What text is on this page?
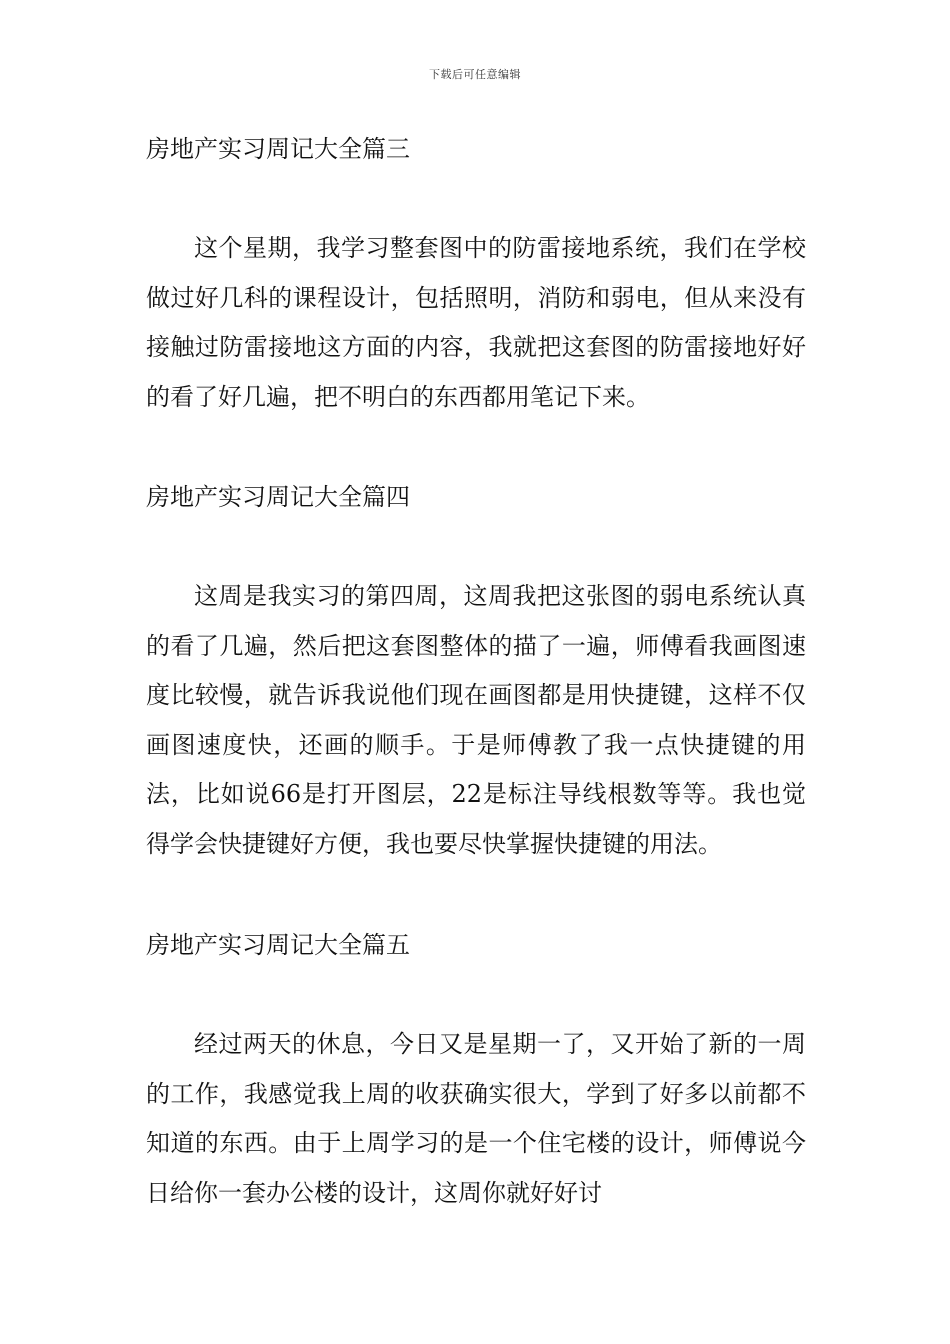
下载后可任意编辑
房地产实习周记大全篇三

这个星期，我学习整套图中的防雷接地系统，我们在学校做过好几科的课程设计，包括照明，消防和弱电，但从来没有接触过防雷接地这方面的内容，我就把这套图的防雷接地好好的看了好几遍，把不明白的东西都用笔记下来。

房地产实习周记大全篇四

这周是我实习的第四周，这周我把这张图的弱电系统认真的看了几遍，然后把这套图整体的描了一遍，师傅看我画图速度比较慢，就告诉我说他们现在画图都是用快捷键，这样不仅画图速度快，还画的顺手。于是师傅教了我一点快捷键的用法，比如说66是打开图层，22是标注导线根数等等。我也觉得学会快捷键好方便，我也要尽快掌握快捷键的用法。

房地产实习周记大全篇五

经过两天的休息，今日又是星期一了，又开始了新的一周的工作，我感觉我上周的收获确实很大，学到了好多以前都不知道的东西。由于上周学习的是一个住宅楼的设计，师傅说今日给你一套办公楼的设计，这周你就好好讨
